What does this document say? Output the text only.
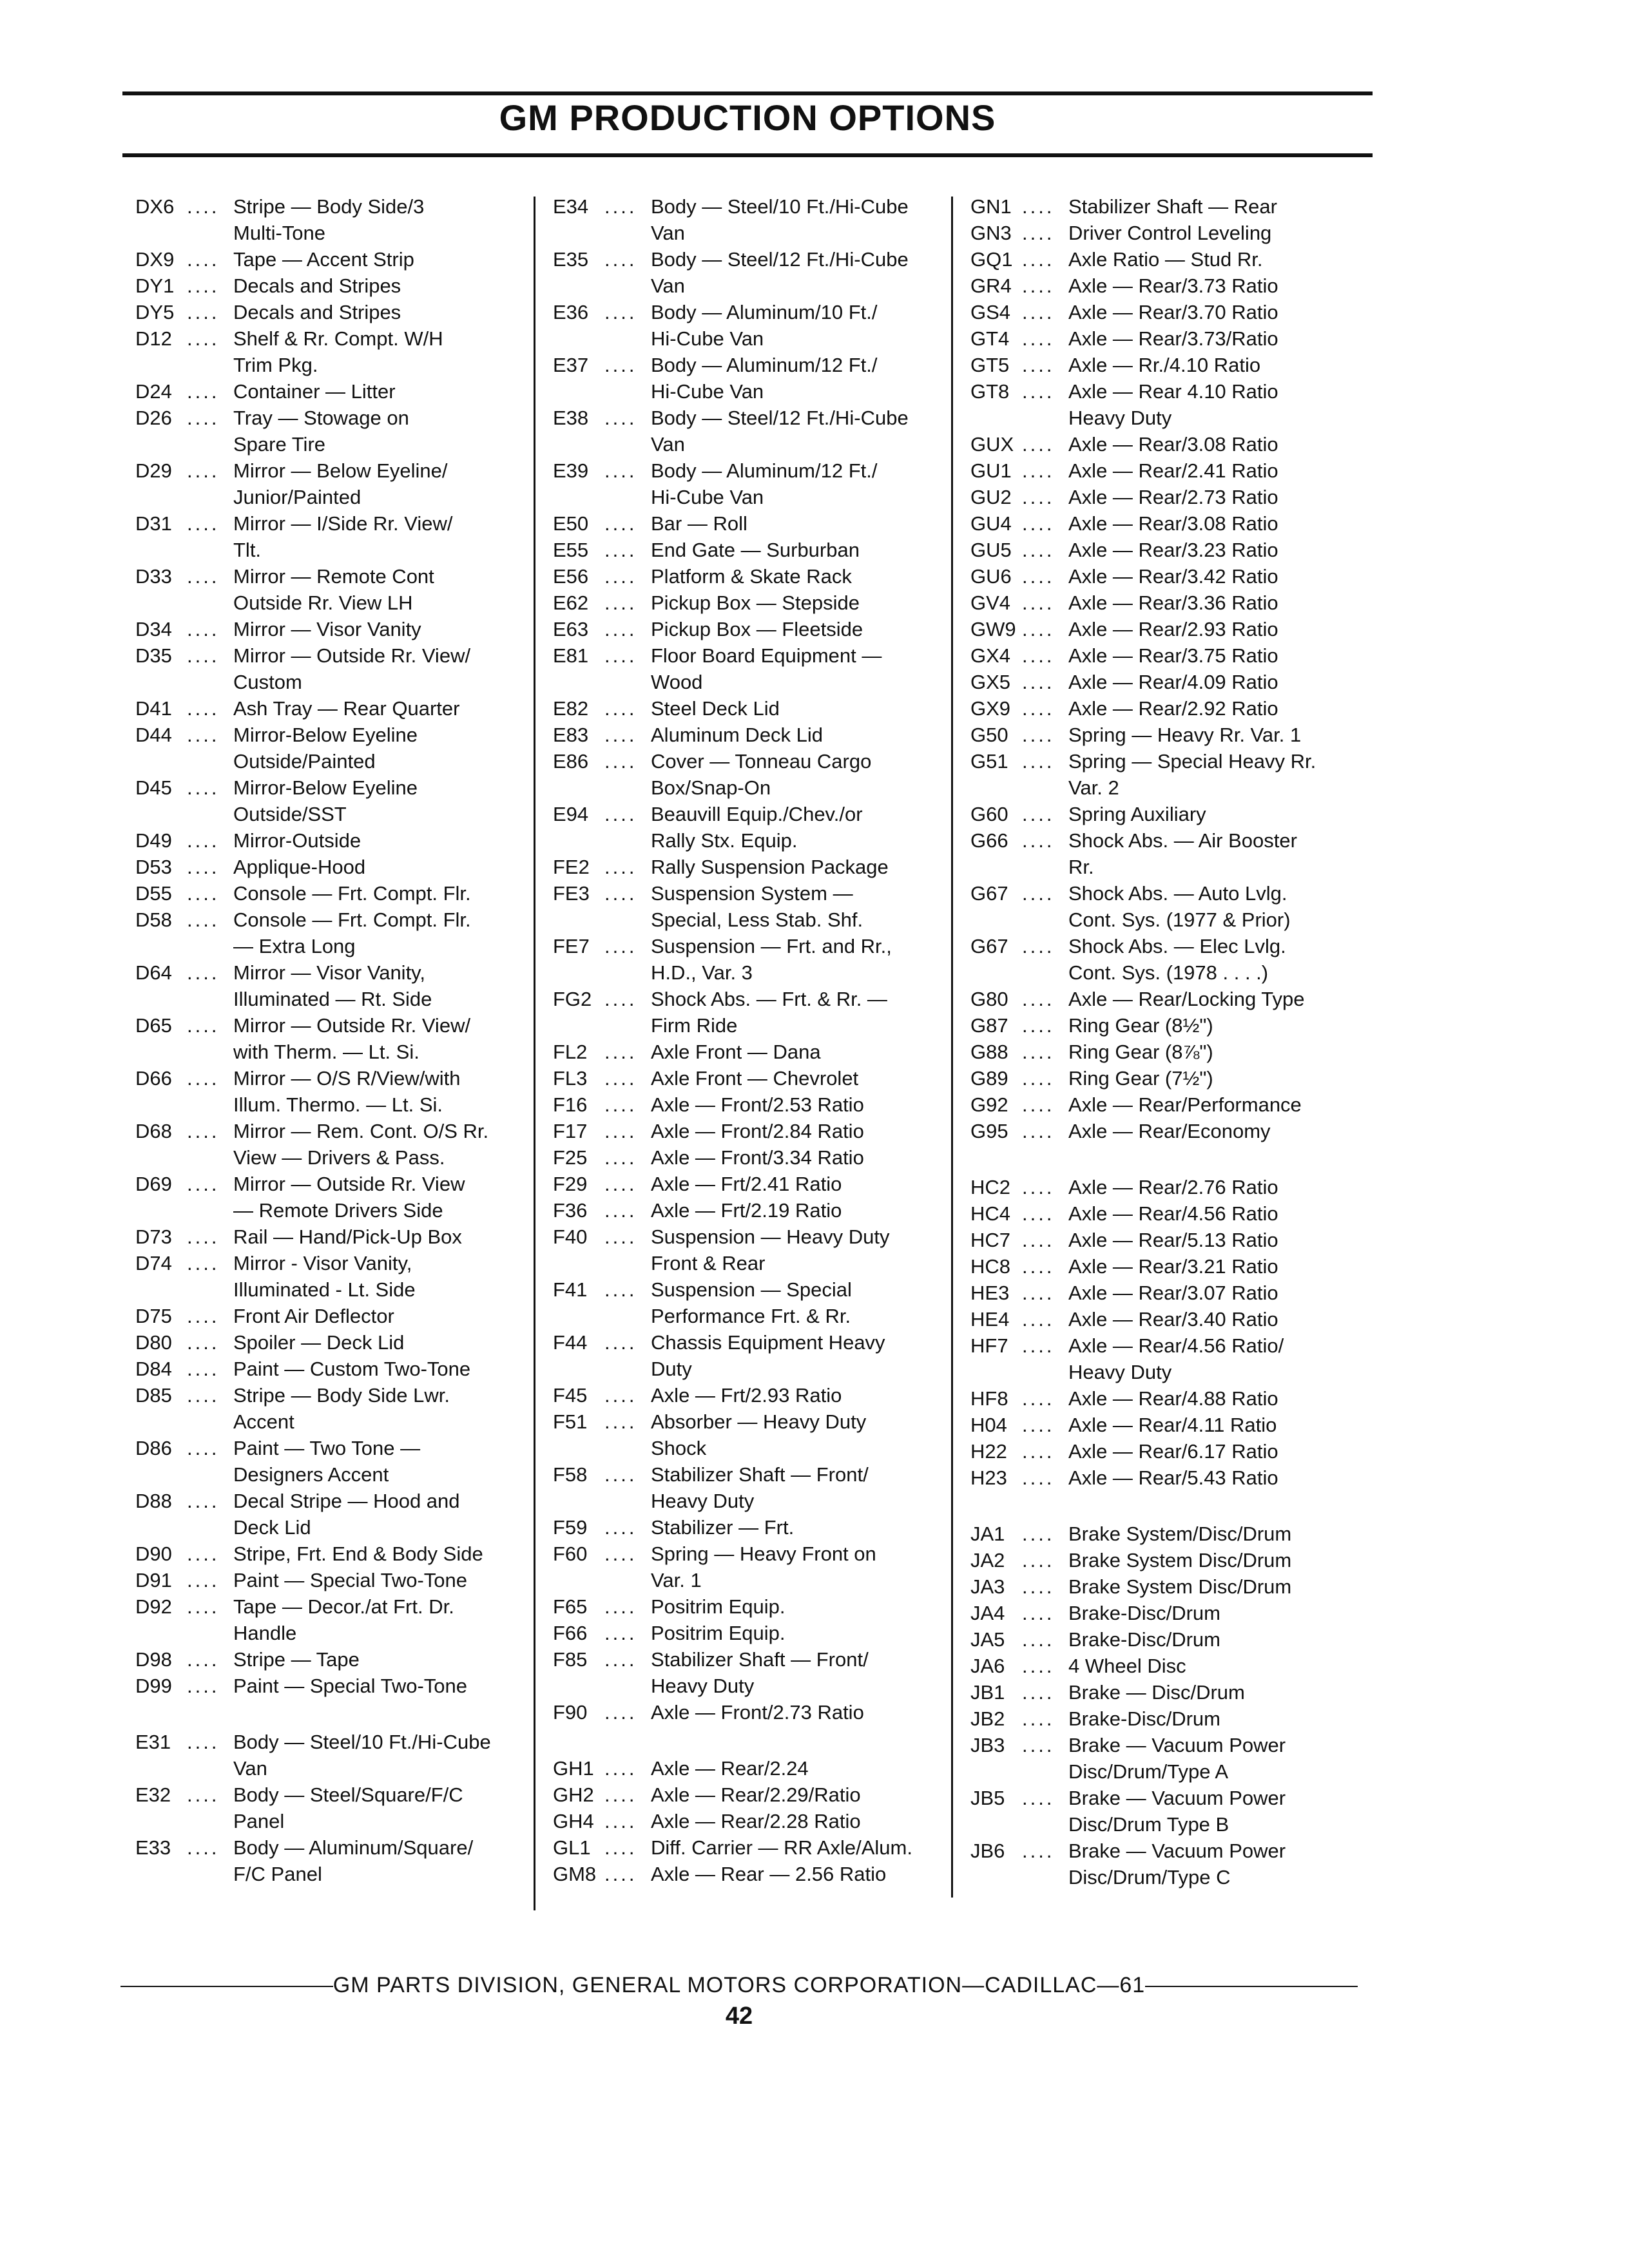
GM PRODUCTION OPTIONS
DX6 .... Stripe — Body Side/3
Multi-Tone
DX9 .... Tape — Accent Strip
DY1 .... Decals and Stripes
DY5 .... Decals and Stripes
D12 .... Shelf & Rr. Compt. W/H
Trim Pkg.
D24 .... Container — Litter
D26 .... Tray — Stowage on
Spare Tire
D29 .... Mirror — Below Eyeline/
Junior/Painted
D31 .... Mirror — I/Side Rr. View/
Tlt.
D33 .... Mirror — Remote Cont
Outside Rr. View LH
D34 .... Mirror — Visor Vanity
D35 .... Mirror — Outside Rr. View/
Custom
D41 .... Ash Tray — Rear Quarter
D44 .... Mirror-Below Eyeline
Outside/Painted
D45 .... Mirror-Below Eyeline
Outside/SST
D49 .... Mirror-Outside
D53 .... Applique-Hood
D55 .... Console — Frt. Compt. Flr.
D58 .... Console — Frt. Compt. Flr.
— Extra Long
D64 .... Mirror — Visor Vanity,
Illuminated — Rt. Side
D65 .... Mirror — Outside Rr. View/
with Therm. — Lt. Si.
D66 .... Mirror — O/S R/View/with
Illum. Thermo. — Lt. Si.
D68 .... Mirror — Rem. Cont. O/S Rr.
View — Drivers & Pass.
D69 .... Mirror — Outside Rr. View
— Remote Drivers Side
D73 .... Rail — Hand/Pick-Up Box
D74 .... Mirror - Visor Vanity,
Illuminated - Lt. Side
D75 .... Front Air Deflector
D80 .... Spoiler — Deck Lid
D84 .... Paint — Custom Two-Tone
D85 .... Stripe — Body Side Lwr.
Accent
D86 .... Paint — Two Tone —
Designers Accent
D88 .... Decal Stripe — Hood and
Deck Lid
D90 .... Stripe, Frt. End & Body Side
D91 .... Paint — Special Two-Tone
D92 .... Tape — Decor./at Frt. Dr.
Handle
D98 .... Stripe — Tape
D99 .... Paint — Special Two-Tone
E31 .... Body — Steel/10 Ft./Hi-Cube
Van
E32 .... Body — Steel/Square/F/C
Panel
E33 .... Body — Aluminum/Square/
F/C Panel
E34 .... Body — Steel/10 Ft./Hi-Cube
Van
E35 .... Body — Steel/12 Ft./Hi-Cube
Van
E36 .... Body — Aluminum/10 Ft./
Hi-Cube Van
E37 .... Body — Aluminum/12 Ft./
Hi-Cube Van
E38 .... Body — Steel/12 Ft./Hi-Cube
Van
E39 .... Body — Aluminum/12 Ft./
Hi-Cube Van
E50 .... Bar — Roll
E55 .... End Gate — Surburban
E56 .... Platform & Skate Rack
E62 .... Pickup Box — Stepside
E63 .... Pickup Box — Fleetside
E81 .... Floor Board Equipment —
Wood
E82 .... Steel Deck Lid
E83 .... Aluminum Deck Lid
E86 .... Cover — Tonneau Cargo
Box/Snap-On
E94 .... Beauvill Equip./Chev./or
Rally Stx. Equip.
FE2 .... Rally Suspension Package
FE3 .... Suspension System —
Special, Less Stab. Shf.
FE7 .... Suspension — Frt. and Rr.,
H.D., Var. 3
FG2 .... Shock Abs. — Frt. & Rr. —
Firm Ride
FL2 .... Axle Front — Dana
FL3 .... Axle Front — Chevrolet
F16 .... Axle — Front/2.53 Ratio
F17 .... Axle — Front/2.84 Ratio
F25 .... Axle — Front/3.34 Ratio
F29 .... Axle — Frt/2.41 Ratio
F36 .... Axle — Frt/2.19 Ratio
F40 .... Suspension — Heavy Duty
Front & Rear
F41 .... Suspension — Special
Performance Frt. & Rr.
F44 .... Chassis Equipment Heavy
Duty
F45 .... Axle — Frt/2.93 Ratio
F51 .... Absorber — Heavy Duty
Shock
F58 .... Stabilizer Shaft — Front/
Heavy Duty
F59 .... Stabilizer — Frt.
F60 .... Spring — Heavy Front on
Var. 1
F65 .... Positrim Equip.
F66 .... Positrim Equip.
F85 .... Stabilizer Shaft — Front/
Heavy Duty
F90 .... Axle — Front/2.73 Ratio
GH1 .... Axle — Rear/2.24
GH2 .... Axle — Rear/2.29/Ratio
GH4 .... Axle — Rear/2.28 Ratio
GL1 .... Diff. Carrier — RR Axle/Alum.
GM8 .... Axle — Rear — 2.56 Ratio
GN1 .... Stabilizer Shaft — Rear
GN3 .... Driver Control Leveling
GQ1 .... Axle Ratio — Stud Rr.
GR4 .... Axle — Rear/3.73 Ratio
GS4 .... Axle — Rear/3.70 Ratio
GT4 .... Axle — Rear/3.73/Ratio
GT5 .... Axle — Rr./4.10 Ratio
GT8 .... Axle — Rear 4.10 Ratio
Heavy Duty
GUX .... Axle — Rear/3.08 Ratio
GU1 .... Axle — Rear/2.41 Ratio
GU2 .... Axle — Rear/2.73 Ratio
GU4 .... Axle — Rear/3.08 Ratio
GU5 .... Axle — Rear/3.23 Ratio
GU6 .... Axle — Rear/3.42 Ratio
GV4 .... Axle — Rear/3.36 Ratio
GW9 .... Axle — Rear/2.93 Ratio
GX4 .... Axle — Rear/3.75 Ratio
GX5 .... Axle — Rear/4.09 Ratio
GX9 .... Axle — Rear/2.92 Ratio
G50 .... Spring — Heavy Rr. Var. 1
G51 .... Spring — Special Heavy Rr.
Var. 2
G60 .... Spring Auxiliary
G66 .... Shock Abs. — Air Booster
Rr.
G67 .... Shock Abs. — Auto Lvlg.
Cont. Sys. (1977 & Prior)
G67 .... Shock Abs. — Elec Lvlg.
Cont. Sys. (1978 . . . .)
G80 .... Axle — Rear/Locking Type
G87 .... Ring Gear (8½")
G88 .... Ring Gear (8⅞")
G89 .... Ring Gear (7½")
G92 .... Axle — Rear/Performance
G95 .... Axle — Rear/Economy
HC2 .... Axle — Rear/2.76 Ratio
HC4 .... Axle — Rear/4.56 Ratio
HC7 .... Axle — Rear/5.13 Ratio
HC8 .... Axle — Rear/3.21 Ratio
HE3 .... Axle — Rear/3.07 Ratio
HE4 .... Axle — Rear/3.40 Ratio
HF7 .... Axle — Rear/4.56 Ratio/
Heavy Duty
HF8 .... Axle — Rear/4.88 Ratio
H04 .... Axle — Rear/4.11 Ratio
H22 .... Axle — Rear/6.17 Ratio
H23 .... Axle — Rear/5.43 Ratio
JA1 .... Brake System/Disc/Drum
JA2 .... Brake System Disc/Drum
JA3 .... Brake System Disc/Drum
JA4 .... Brake-Disc/Drum
JA5 .... Brake-Disc/Drum
JA6 .... 4 Wheel Disc
JB1 .... Brake — Disc/Drum
JB2 .... Brake-Disc/Drum
JB3 .... Brake — Vacuum Power
Disc/Drum/Type A
JB5 .... Brake — Vacuum Power
Disc/Drum Type B
JB6 .... Brake — Vacuum Power
Disc/Drum/Type C
GM PARTS DIVISION, GENERAL MOTORS CORPORATION—CADILLAC—61
42
